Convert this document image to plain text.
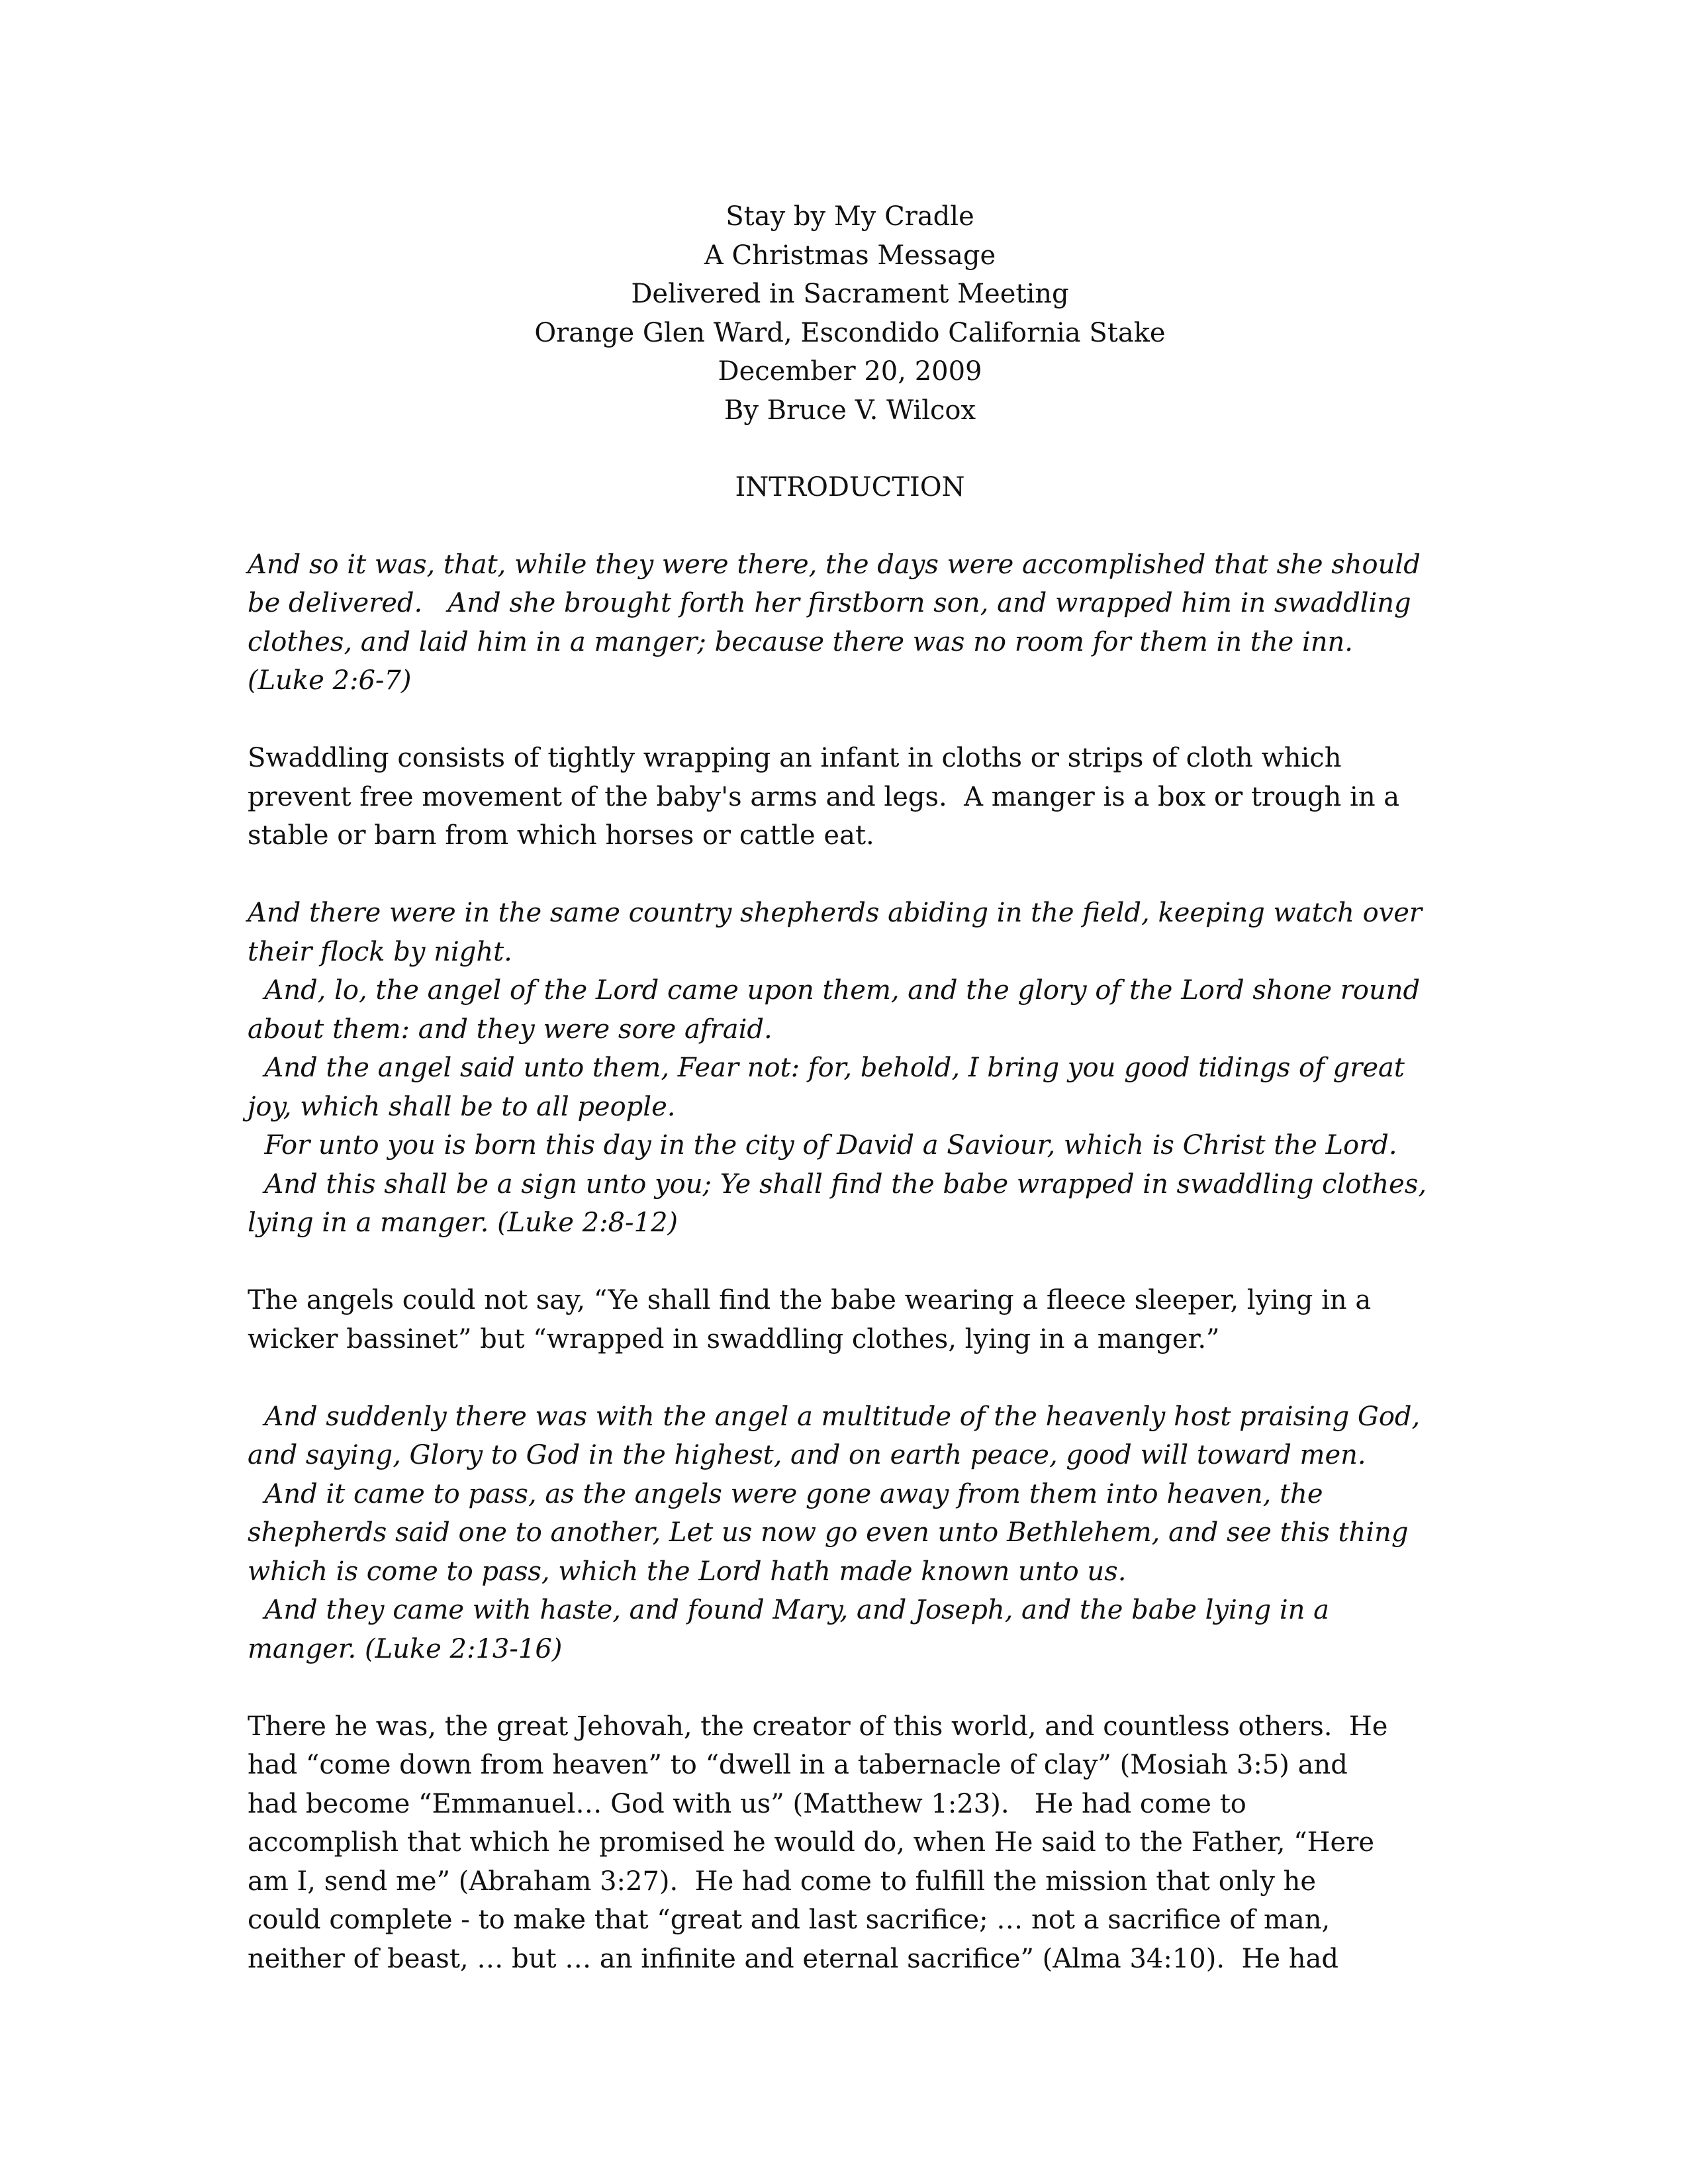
Stay by My Cradle
A Christmas Message
Delivered in Sacrament Meeting
Orange Glen Ward, Escondido California Stake
December 20, 2009
By Bruce V. Wilcox
INTRODUCTION
And so it was, that, while they were there, the days were accomplished that she should
be delivered.   And she brought forth her firstborn son, and wrapped him in swaddling
clothes, and laid him in a manger; because there was no room for them in the inn.
(Luke 2:6-7)
Swaddling consists of tightly wrapping an infant in cloths or strips of cloth which
prevent free movement of the baby's arms and legs.  A manger is a box or trough in a
stable or barn from which horses or cattle eat.
And there were in the same country shepherds abiding in the field, keeping watch over
their flock by night.
And, lo, the angel of the Lord came upon them, and the glory of the Lord shone round
about them: and they were sore afraid.
And the angel said unto them, Fear not: for, behold, I bring you good tidings of great
joy, which shall be to all people.
For unto you is born this day in the city of David a Saviour, which is Christ the Lord.
And this shall be a sign unto you; Ye shall find the babe wrapped in swaddling clothes,
lying in a manger. (Luke 2:8-12)
The angels could not say, “Ye shall find the babe wearing a fleece sleeper, lying in a
wicker bassinet” but “wrapped in swaddling clothes, lying in a manger.”
And suddenly there was with the angel a multitude of the heavenly host praising God,
and saying, Glory to God in the highest, and on earth peace, good will toward men.
And it came to pass, as the angels were gone away from them into heaven, the
shepherds said one to another, Let us now go even unto Bethlehem, and see this thing
which is come to pass, which the Lord hath made known unto us.
And they came with haste, and found Mary, and Joseph, and the babe lying in a
manger. (Luke 2:13-16)
There he was, the great Jehovah, the creator of this world, and countless others.  He
had “come down from heaven” to “dwell in a tabernacle of clay” (Mosiah 3:5) and
had become “Emmanuel… God with us” (Matthew 1:23).   He had come to
accomplish that which he promised he would do, when He said to the Father, “Here
am I, send me” (Abraham 3:27).  He had come to fulfill the mission that only he
could complete - to make that “great and last sacrifice; … not a sacrifice of man,
neither of beast, … but … an infinite and eternal sacrifice” (Alma 34:10).  He had
